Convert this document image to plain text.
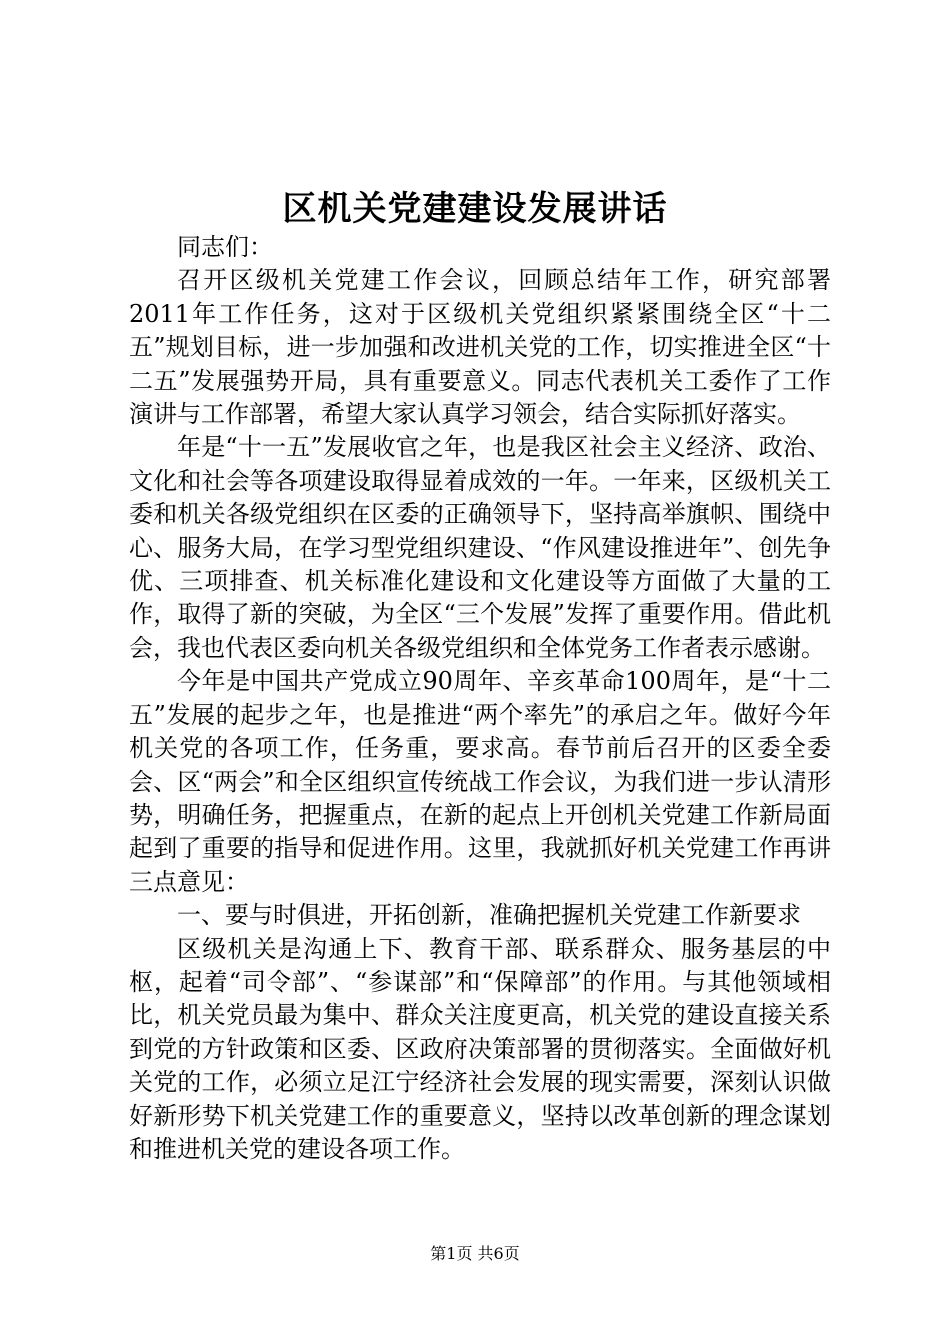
区机关党建建设发展讲话

同志们：

召开区级机关党建工作会议，回顾总结年工作，研究部署2011年工作任务，这对于区级机关党组织紧紧围绕全区“十二五”规划目标，进一步加强和改进机关党的工作，切实推进全区“十二五”发展强势开局，具有重要意义。同志代表机关工委作了工作演讲与工作部署，希望大家认真学习领会，结合实际抓好落实。

年是“十一五”发展收官之年，也是我区社会主义经济、政治、文化和社会等各项建设取得显着成效的一年。一年来，区级机关工委和机关各级党组织在区委的正确领导下，坚持高举旗帜、围绕中心、服务大局，在学习型党组织建设、“作风建设推进年”、创先争优、三项排查、机关标准化建设和文化建设等方面做了大量的工作，取得了新的突破，为全区“三个发展”发挥了重要作用。借此机会，我也代表区委向机关各级党组织和全体党务工作者表示感谢。

今年是中国共产党成立90周年、辛亥革命100周年，是“十二五”发展的起步之年，也是推进“两个率先”的承启之年。做好今年机关党的各项工作，任务重，要求高。春节前后召开的区委全委会、区“两会”和全区组织宣传统战工作会议，为我们进一步认清形势，明确任务，把握重点，在新的起点上开创机关党建工作新局面起到了重要的指导和促进作用。这里，我就抓好机关党建工作再讲三点意见：

一、要与时俱进，开拓创新，准确把握机关党建工作新要求

区级机关是沟通上下、教育干部、联系群众、服务基层的中枢，起着“司令部”、“参谋部”和“保障部”的作用。与其他领域相比，机关党员最为集中、群众关注度更高，机关党的建设直接关系到党的方针政策和区委、区政府决策部署的贯彻落实。全面做好机关党的工作，必须立足江宁经济社会发展的现实需要，深刻认识做好新形势下机关党建工作的重要意义，坚持以改革创新的理念谋划和推进机关党的建设各项工作。

第1页 共6页
